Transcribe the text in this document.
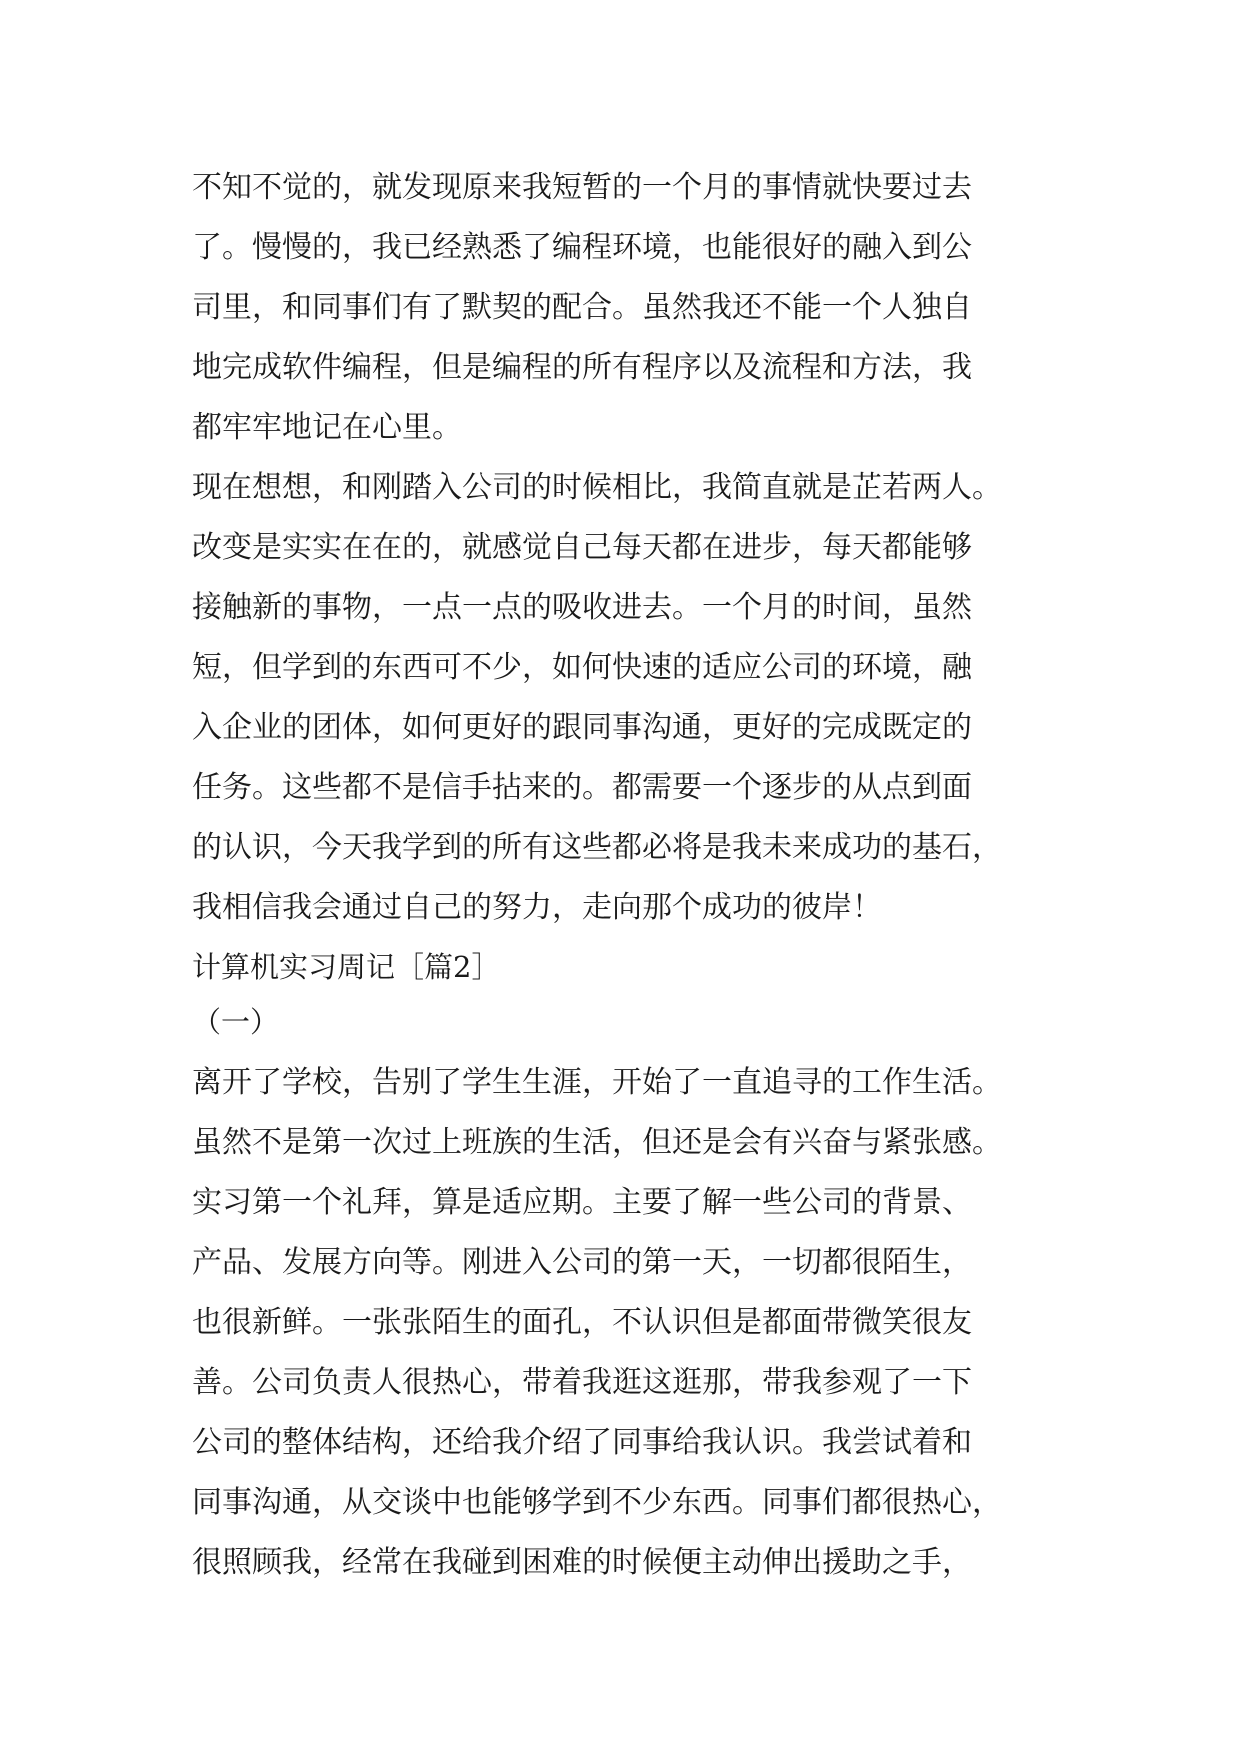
不知不觉的，就发现原来我短暂的一个月的事情就快要过去
了。慢慢的，我已经熟悉了编程环境，也能很好的融入到公
司里，和同事们有了默契的配合。虽然我还不能一个人独自
地完成软件编程，但是编程的所有程序以及流程和方法，我
都牢牢地记在心里。
现在想想，和刚踏入公司的时候相比，我简直就是芷若两人。
改变是实实在在的，就感觉自己每天都在进步，每天都能够
接触新的事物，一点一点的吸收进去。一个月的时间，虽然
短，但学到的东西可不少，如何快速的适应公司的环境，融
入企业的团体，如何更好的跟同事沟通，更好的完成既定的
任务。这些都不是信手拈来的。都需要一个逐步的从点到面
的认识，今天我学到的所有这些都必将是我未来成功的基石，
我相信我会通过自己的努力，走向那个成功的彼岸！
计算机实习周记［篇2］
（一）
离开了学校，告别了学生生涯，开始了一直追寻的工作生活。
虽然不是第一次过上班族的生活，但还是会有兴奋与紧张感。
实习第一个礼拜，算是适应期。主要了解一些公司的背景、
产品、发展方向等。刚进入公司的第一天，一切都很陌生，
也很新鲜。一张张陌生的面孔，不认识但是都面带微笑很友
善。公司负责人很热心，带着我逛这逛那，带我参观了一下
公司的整体结构，还给我介绍了同事给我认识。我尝试着和
同事沟通，从交谈中也能够学到不少东西。同事们都很热心，
很照顾我，经常在我碰到困难的时候便主动伸出援助之手，
